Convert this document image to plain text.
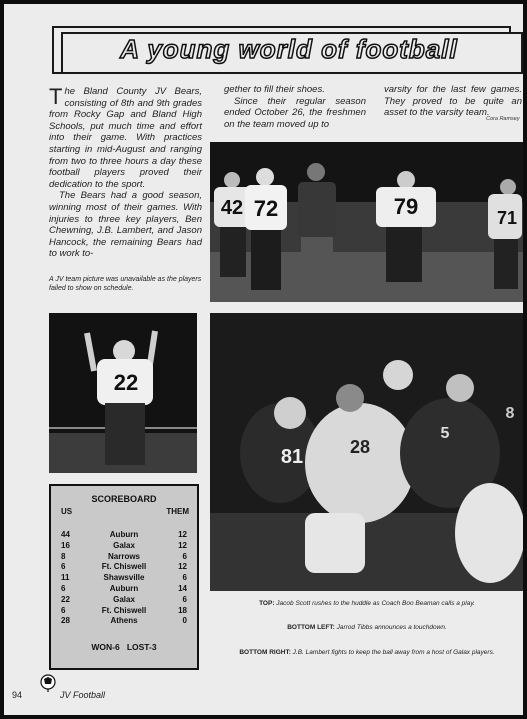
A young world of football

The Bland County JV Bears, consisting of 8th and 9th grades from Rocky Gap and Bland High Schools, put much time and effort into their game. With practices starting in mid-August and ranging from two to three hours a day these football players proved their dedication to the sport.

The Bears had a good season, winning most of their games. With injuries to three key players, Ben Chewning, J.B. Lambert, and Jason Hancock, the remaining Bears had to work to-

gether to fill their shoes.

Since their regular season ended October 26, the freshmen on the team moved up to

varsity for the last few games. They proved to be quite an asset to the varsity team.

Cora Ramsey
A JV team picture was unavailable as the players failed to show on schedule.
42 72	79	71
22
81
8
5
28
SCOREBOARD
US	THEM
44	Auburn	12
16	Galax	12
8	Narrows	6
6	Ft. Chiswell	12
11	Shawsville	6
6	Auburn	14
22	Galax	6
6	Ft. Chiswell	18
28	Athens	0
WON-6 LOST-3
TOP: Jacob Scott rushes to the huddle as Coach Boo Beaman calls a play.
BOTTOM LEFT: Jarrod Tibbs announces a touchdown.
BOTTOM RIGHT: J.B. Lambert fights to keep the ball away from a host of Galax players.
94	JV Football
